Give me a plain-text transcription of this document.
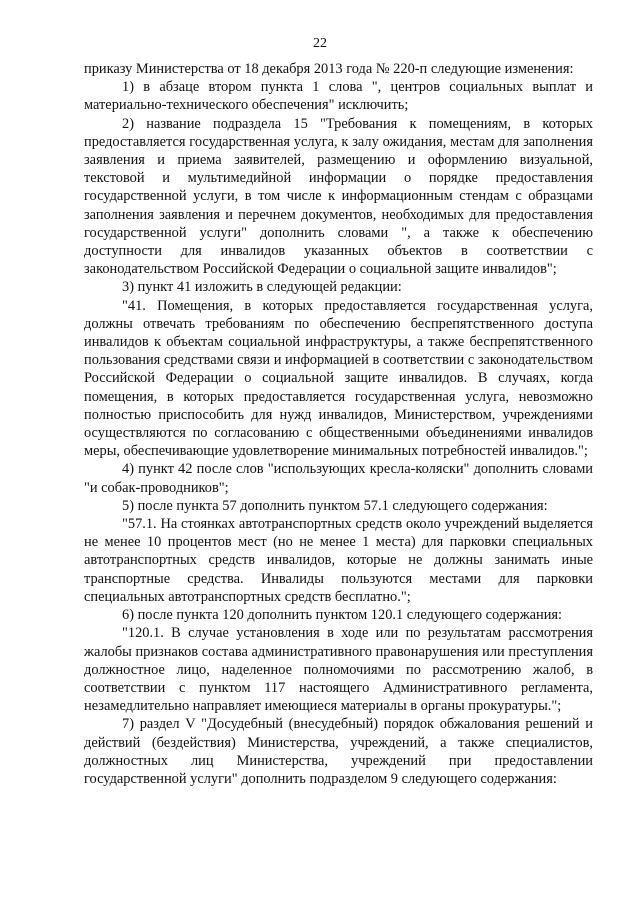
22

приказу Министерства от 18 декабря 2013 года № 220-п следующие изменения:

1) в абзаце втором пункта 1 слова ", центров социальных выплат и материально-технического обеспечения" исключить;

2) название подраздела 15 "Требования к помещениям, в которых предоставляется государственная услуга, к залу ожидания, местам для заполнения заявления и приема заявителей, размещению и оформлению визуальной, текстовой и мультимедийной информации о порядке предоставления государственной услуги, в том числе к информационным стендам с образцами заполнения заявления и перечнем документов, необходимых для предоставления государственной услуги" дополнить словами ", а также к обеспечению доступности для инвалидов указанных объектов в соответствии с законодательством Российской Федерации о социальной защите инвалидов";

3) пункт 41 изложить в следующей редакции:

"41. Помещения, в которых предоставляется государственная услуга, должны отвечать требованиям по обеспечению беспрепятственного доступа инвалидов к объектам социальной инфраструктуры, а также беспрепятственного пользования средствами связи и информацией в соответствии с законодательством Российской Федерации о социальной защите инвалидов. В случаях, когда помещения, в которых предоставляется государственная услуга, невозможно полностью приспособить для нужд инвалидов, Министерством, учреждениями осуществляются по согласованию с общественными объединениями инвалидов меры, обеспечивающие удовлетворение минимальных потребностей инвалидов.";

4) пункт 42 после слов "использующих кресла-коляски" дополнить словами "и собак-проводников";

5) после пункта 57 дополнить пунктом 57.1 следующего содержания:

"57.1. На стоянках автотранспортных средств около учреждений выделяется не менее 10 процентов мест (но не менее 1 места) для парковки специальных автотранспортных средств инвалидов, которые не должны занимать иные транспортные средства. Инвалиды пользуются местами для парковки специальных автотранспортных средств бесплатно.";

6) после пункта 120 дополнить пунктом 120.1 следующего содержания:

"120.1. В случае установления в ходе или по результатам рассмотрения жалобы признаков состава административного правонарушения или преступления должностное лицо, наделенное полномочиями по рассмотрению жалоб, в соответствии с пунктом 117 настоящего Административного регламента, незамедлительно направляет имеющиеся материалы в органы прокуратуры.";

7) раздел V "Досудебный (внесудебный) порядок обжалования решений и действий (бездействия) Министерства, учреждений, а также специалистов, должностных лиц Министерства, учреждений при предоставлении государственной услуги" дополнить подразделом 9 следующего содержания:
